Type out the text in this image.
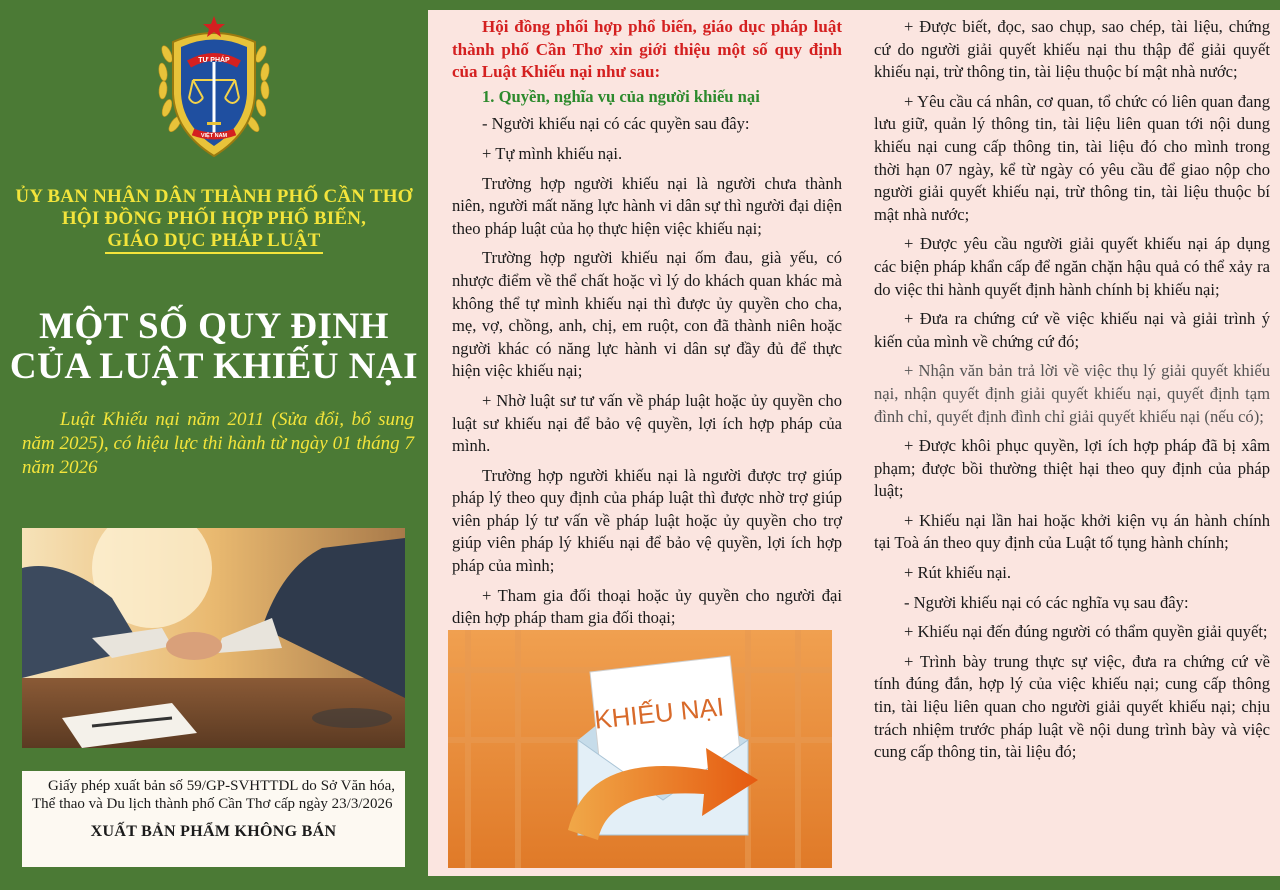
TƯ PHÁP
VIỆT NAM
ỦY BAN NHÂN DÂN THÀNH PHỐ CẦN THƠ
HỘI ĐỒNG PHỐI HỢP PHỔ BIẾN,
GIÁO DỤC PHÁP LUẬT
MỘT SỐ QUY ĐỊNH
CỦA LUẬT KHIẾU NẠI
Luật Khiếu nại năm 2011 (Sửa đổi, bổ sung năm 2025), có hiệu lực thi hành từ ngày 01 tháng 7 năm 2026
Giấy phép xuất bản số 59/GP-SVHTTDL do Sở Văn hóa, Thể thao và Du lịch thành phố Cần Thơ cấp ngày 23/3/2026
XUẤT BẢN PHẨM KHÔNG BÁN

Hội đồng phối hợp phổ biến, giáo dục pháp luật thành phố Cần Thơ xin giới thiệu một số quy định của Luật Khiếu nại như sau:

1. Quyền, nghĩa vụ của người khiếu nại

- Người khiếu nại có các quyền sau đây:

+ Tự mình khiếu nại.

Trường hợp người khiếu nại là người chưa thành niên, người mất năng lực hành vi dân sự thì người đại diện theo pháp luật của họ thực hiện việc khiếu nại;

Trường hợp người khiếu nại ốm đau, già yếu, có nhược điểm về thể chất hoặc vì lý do khách quan khác mà không thể tự mình khiếu nại thì được ủy quyền cho cha, mẹ, vợ, chồng, anh, chị, em ruột, con đã thành niên hoặc người khác có năng lực hành vi dân sự đầy đủ để thực hiện việc khiếu nại;

+ Nhờ luật sư tư vấn về pháp luật hoặc ủy quyền cho luật sư khiếu nại để bảo vệ quyền, lợi ích hợp pháp của mình.

Trường hợp người khiếu nại là người được trợ giúp pháp lý theo quy định của pháp luật thì được nhờ trợ giúp viên pháp lý tư vấn về pháp luật hoặc ủy quyền cho trợ giúp viên pháp lý khiếu nại để bảo vệ quyền, lợi ích hợp pháp của mình;

+ Tham gia đối thoại hoặc ủy quyền cho người đại diện hợp pháp tham gia đối thoại;

KHIẾU NẠI

+ Được biết, đọc, sao chụp, sao chép, tài liệu, chứng cứ do người giải quyết khiếu nại thu thập để giải quyết khiếu nại, trừ thông tin, tài liệu thuộc bí mật nhà nước;

+ Yêu cầu cá nhân, cơ quan, tổ chức có liên quan đang lưu giữ, quản lý thông tin, tài liệu liên quan tới nội dung khiếu nại cung cấp thông tin, tài liệu đó cho mình trong thời hạn 07 ngày, kể từ ngày có yêu cầu để giao nộp cho người giải quyết khiếu nại, trừ thông tin, tài liệu thuộc bí mật nhà nước;

+ Được yêu cầu người giải quyết khiếu nại áp dụng các biện pháp khẩn cấp để ngăn chặn hậu quả có thể xảy ra do việc thi hành quyết định hành chính bị khiếu nại;

+ Đưa ra chứng cứ về việc khiếu nại và giải trình ý kiến của mình về chứng cứ đó;

+ Nhận văn bản trả lời về việc thụ lý giải quyết khiếu nại, nhận quyết định giải quyết khiếu nại, quyết định tạm đình chỉ, quyết định đình chỉ giải quyết khiếu nại (nếu có);

+ Được khôi phục quyền, lợi ích hợp pháp đã bị xâm phạm; được bồi thường thiệt hại theo quy định của pháp luật;

+ Khiếu nại lần hai hoặc khởi kiện vụ án hành chính tại Toà án theo quy định của Luật tố tụng hành chính;

+ Rút khiếu nại.

- Người khiếu nại có các nghĩa vụ sau đây:

+ Khiếu nại đến đúng người có thẩm quyền giải quyết;

+ Trình bày trung thực sự việc, đưa ra chứng cứ về tính đúng đắn, hợp lý của việc khiếu nại; cung cấp thông tin, tài liệu liên quan cho người giải quyết khiếu nại; chịu trách nhiệm trước pháp luật về nội dung trình bày và việc cung cấp thông tin, tài liệu đó;
